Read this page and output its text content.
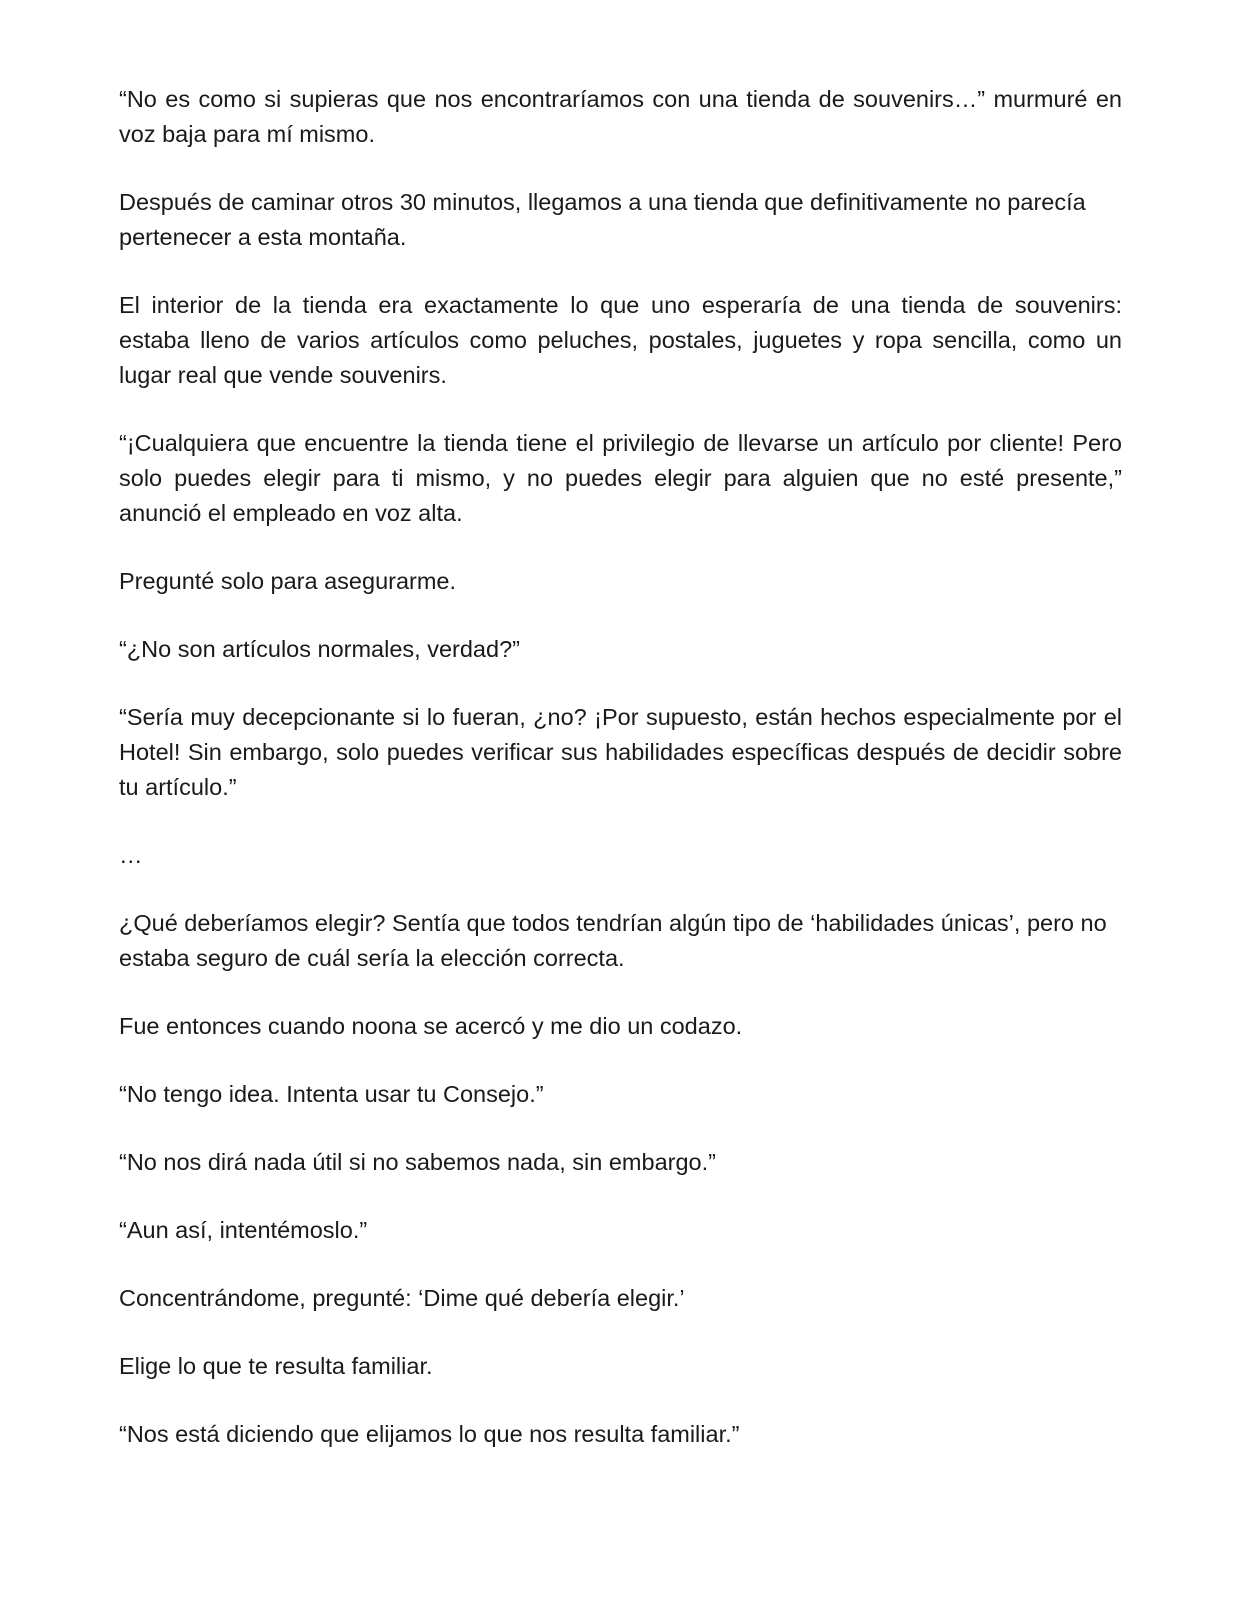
“No es como si supieras que nos encontraríamos con una tienda de souvenirs…” murmuré en voz baja para mí mismo.

Después de caminar otros 30 minutos, llegamos a una tienda que definitivamente no parecía pertenecer a esta montaña.

El interior de la tienda era exactamente lo que uno esperaría de una tienda de souvenirs: estaba lleno de varios artículos como peluches, postales, juguetes y ropa sencilla, como un lugar real que vende souvenirs.

“¡Cualquiera que encuentre la tienda tiene el privilegio de llevarse un artículo por cliente! Pero solo puedes elegir para ti mismo, y no puedes elegir para alguien que no esté presente,” anunció el empleado en voz alta.

Pregunté solo para asegurarme.

“¿No son artículos normales, verdad?”

“Sería muy decepcionante si lo fueran, ¿no? ¡Por supuesto, están hechos especialmente por el Hotel! Sin embargo, solo puedes verificar sus habilidades específicas después de decidir sobre tu artículo.”

…

¿Qué deberíamos elegir? Sentía que todos tendrían algún tipo de ‘habilidades únicas’, pero no estaba seguro de cuál sería la elección correcta.

Fue entonces cuando noona se acercó y me dio un codazo.

“No tengo idea. Intenta usar tu Consejo.”

“No nos dirá nada útil si no sabemos nada, sin embargo.”

“Aun así, intentémoslo.”

Concentrándome, pregunté: ‘Dime qué debería elegir.’

Elige lo que te resulta familiar.

“Nos está diciendo que elijamos lo que nos resulta familiar.”
